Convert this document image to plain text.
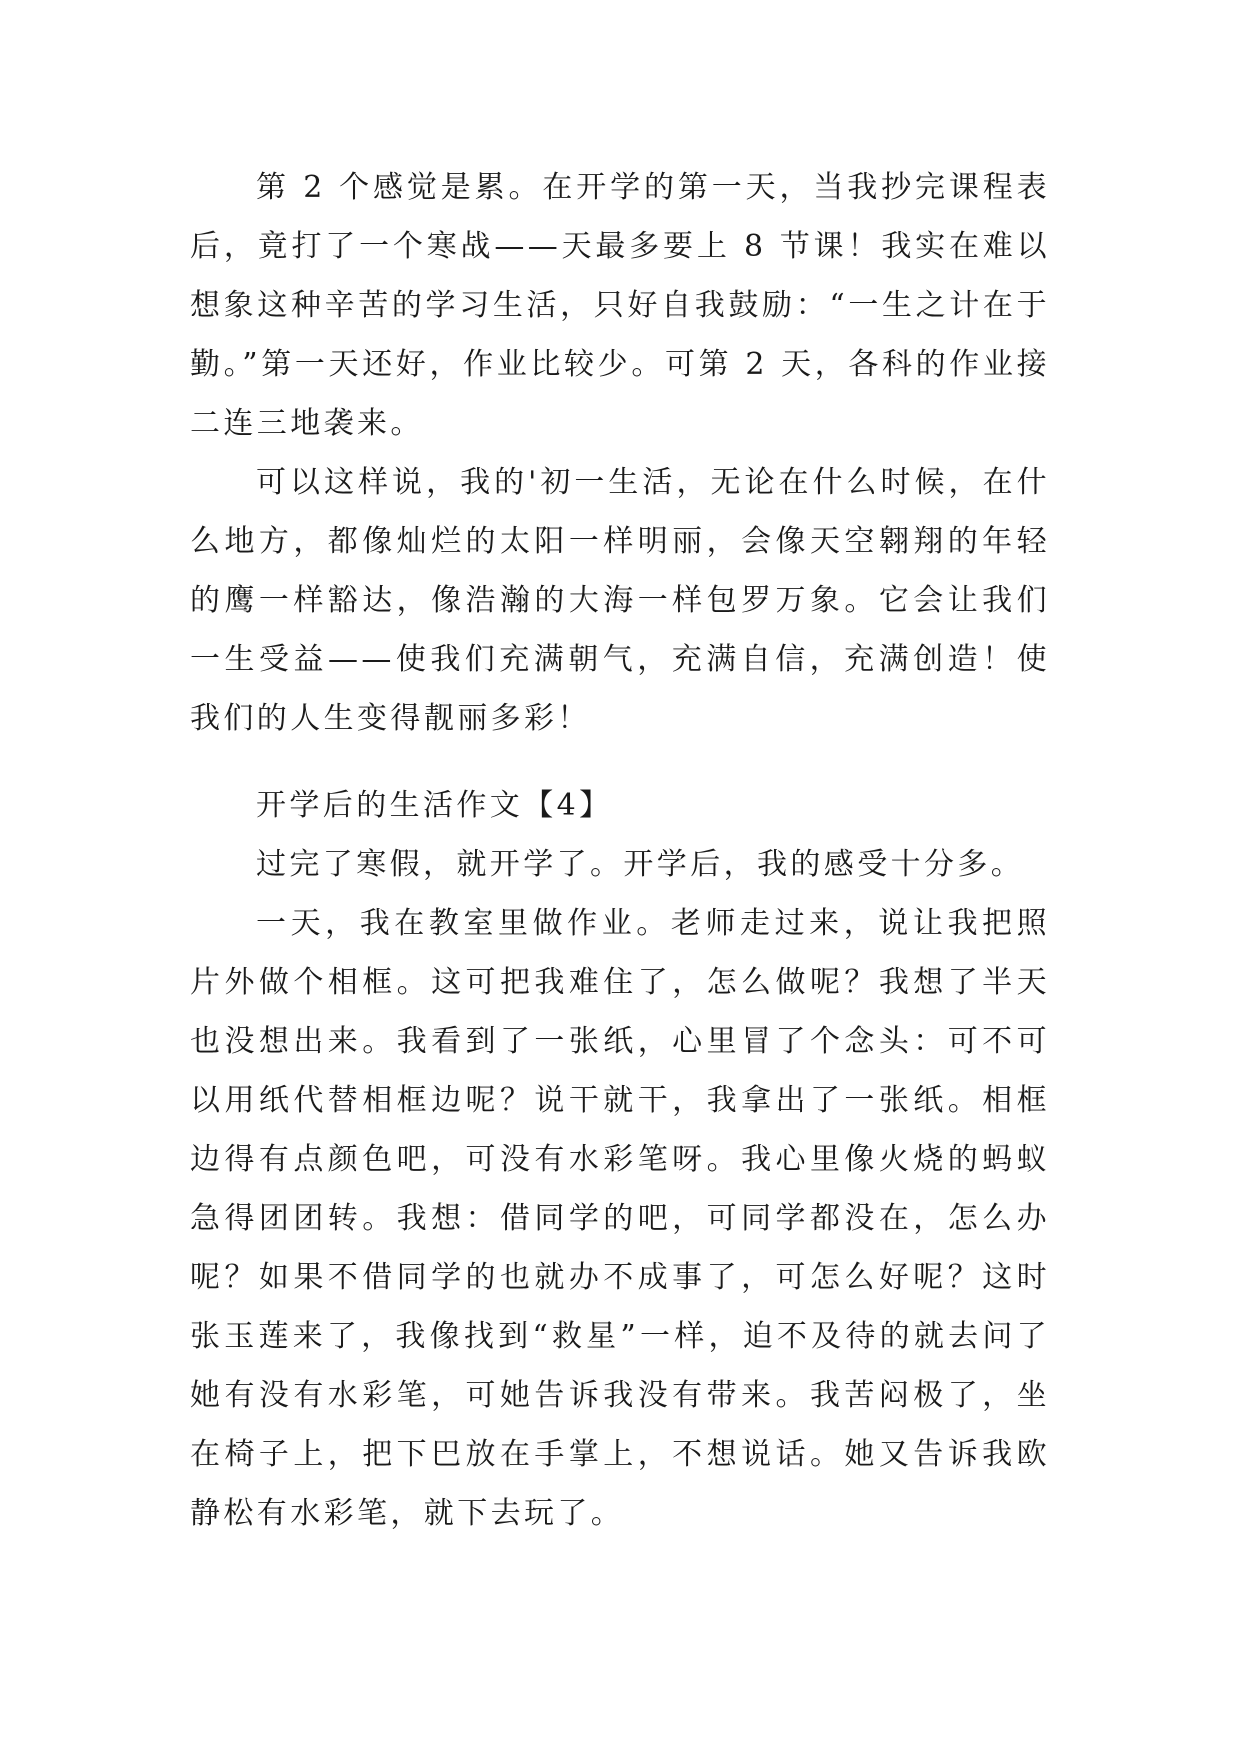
第 2 个感觉是累。在开学的第一天，当我抄完课程表后，竟打了一个寒战——天最多要上 8 节课！我实在难以想象这种辛苦的学习生活，只好自我鼓励：“一生之计在于勤。”第一天还好，作业比较少。可第 2 天，各科的作业接二连三地袭来。

可以这样说，我的'初一生活，无论在什么时候，在什么地方，都像灿烂的太阳一样明丽，会像天空翱翔的年轻的鹰一样豁达，像浩瀚的大海一样包罗万象。它会让我们一生受益——使我们充满朝气，充满自信，充满创造！使我们的人生变得靓丽多彩！

开学后的生活作文【4】

过完了寒假，就开学了。开学后，我的感受十分多。

一天，我在教室里做作业。老师走过来，说让我把照片外做个相框。这可把我难住了，怎么做呢？我想了半天也没想出来。我看到了一张纸，心里冒了个念头：可不可以用纸代替相框边呢？说干就干，我拿出了一张纸。相框边得有点颜色吧，可没有水彩笔呀。我心里像火烧的蚂蚁急得团团转。我想：借同学的吧，可同学都没在，怎么办呢？如果不借同学的也就办不成事了，可怎么好呢？这时张玉莲来了，我像找到“救星”一样，迫不及待的就去问了她有没有水彩笔，可她告诉我没有带来。我苦闷极了，坐在椅子上，把下巴放在手掌上，不想说话。她又告诉我欧静松有水彩笔，就下去玩了。
